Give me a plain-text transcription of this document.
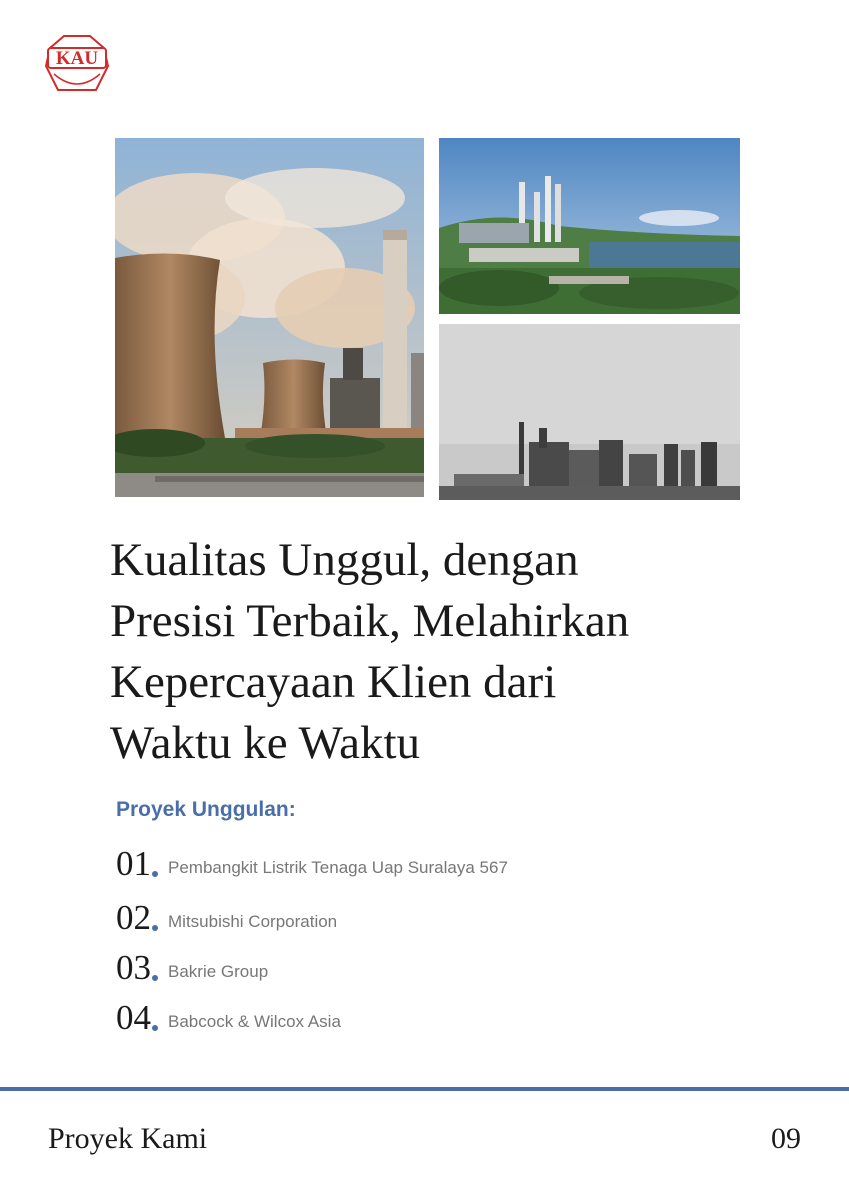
KAU
Kualitas Unggul, dengan
Presisi Terbaik, Melahirkan
Kepercayaan Klien dari
Waktu ke Waktu
Proyek Unggulan:
01 Pembangkit Listrik Tenaga Uap Suralaya 567
02 Mitsubishi Corporation
03 Bakrie Group
04 Babcock & Wilcox Asia
Proyek Kami	09
